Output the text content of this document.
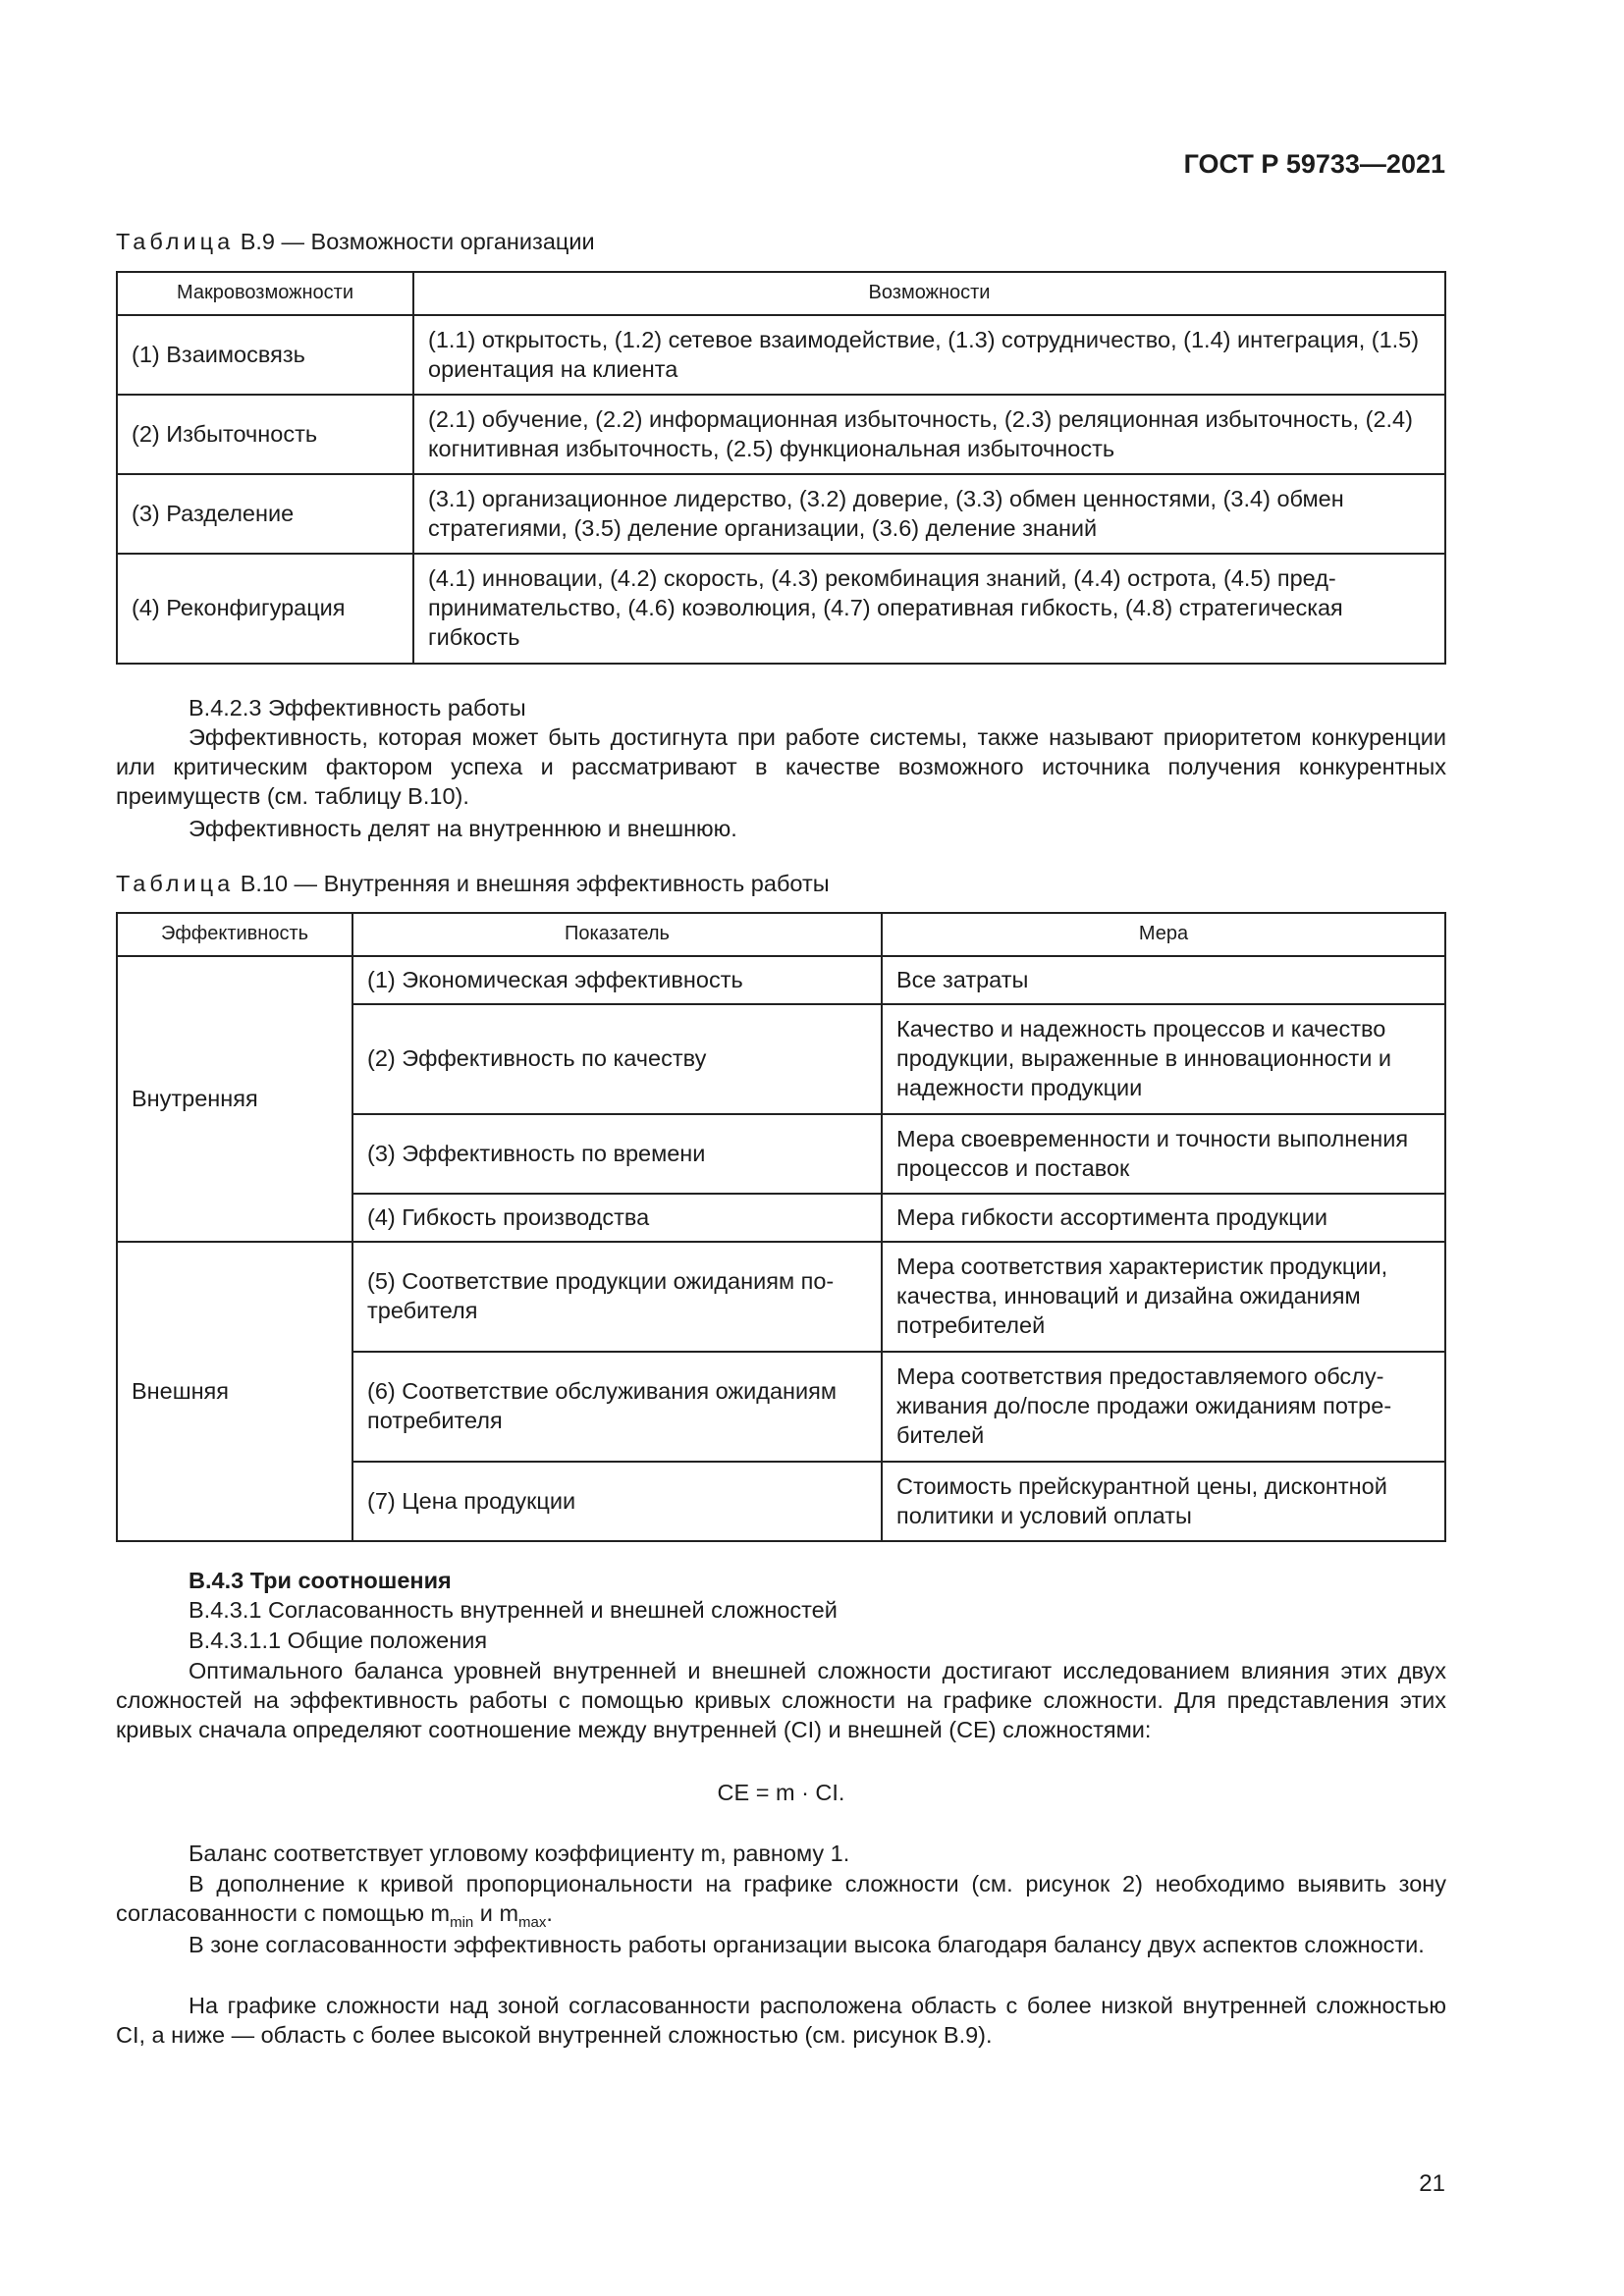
ГОСТ Р 59733—2021
Таблица В.9 — Возможности организации
Макровозможности	Возможности
(1) Взаимосвязь	(1.1) открытость, (1.2) сетевое взаимодействие, (1.3) сотрудничество, (1.4) интеграция, (1.5) ориентация на клиента
(2) Избыточность	(2.1) обучение, (2.2) информационная избыточность, (2.3) реляционная избыточность, (2.4) когнитивная избыточность, (2.5) функциональная избыточность
(3) Разделение	(3.1) организационное лидерство, (3.2) доверие, (3.3) обмен ценностями, (3.4) обмен стратегиями, (3.5) деление организации, (3.6) деление знаний
(4) Реконфигурация	(4.1) инновации, (4.2) скорость, (4.3) рекомбинация знаний, (4.4) острота, (4.5) предпринимательство, (4.6) коэволюция, (4.7) оперативная гибкость, (4.8) стратегическая гибкость
В.4.2.3 Эффективность работы
Эффективность, которая может быть достигнута при работе системы, также называют приоритетом конкуренции или критическим фактором успеха и рассматривают в качестве возможного источника получения конкурентных преимуществ (см. таблицу В.10).
Эффективность делят на внутреннюю и внешнюю.
Таблица В.10 — Внутренняя и внешняя эффективность работы
Эффективность	Показатель	Мера
Внутренняя	(1) Экономическая эффективность	Все затраты
	(2) Эффективность по качеству	Качество и надежность процессов и качество продукции, выраженные в инновационности и надежности продукции
	(3) Эффективность по времени	Мера своевременности и точности выполнения процессов и поставок
	(4) Гибкость производства	Мера гибкости ассортимента продукции
Внешняя	(5) Соответствие продукции ожиданиям потребителя	Мера соответствия характеристик продукции, качества, инноваций и дизайна ожиданиям потребителей
	(6) Соответствие обслуживания ожиданиям потребителя	Мера соответствия предоставляемого обслуживания до/после продажи ожиданиям потребителей
	(7) Цена продукции	Стоимость прейскурантной цены, дисконтной политики и условий оплаты
В.4.3 Три соотношения
В.4.3.1 Согласованность внутренней и внешней сложностей
В.4.3.1.1 Общие положения
Оптимального баланса уровней внутренней и внешней сложности достигают исследованием влияния этих двух сложностей на эффективность работы с помощью кривых сложности на графике сложности. Для представления этих кривых сначала определяют соотношение между внутренней (CI) и внешней (CE) сложностями:
CE = m · CI.
Баланс соответствует угловому коэффициенту m, равному 1.
В дополнение к кривой пропорциональности на графике сложности (см. рисунок 2) необходимо выявить зону согласованности с помощью $m_{min}$ и $m_{max}$.
В зоне согласованности эффективность работы организации высока благодаря балансу двух аспектов сложности.
На графике сложности над зоной согласованности расположена область с более низкой внутренней сложностью CI, а ниже — область с более высокой внутренней сложностью (см. рисунок В.9).
21
